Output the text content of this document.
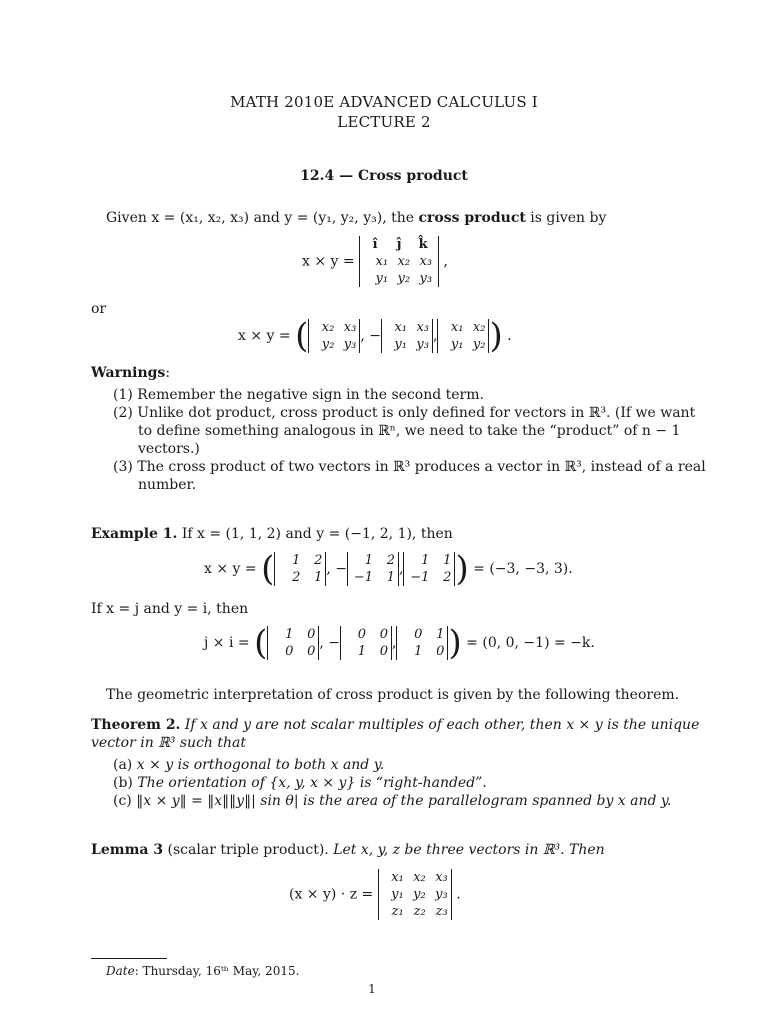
MATH 2010E ADVANCED CALCULUS I
LECTURE 2
12.4 — Cross product
Given x = (x₁, x₂, x₃) and y = (y₁, y₂, y₃), the cross product is given by
x × y =
î ĵ k̂
x₁ x₂ x₃
y₁ y₂ y₃
,
or
x × y = (	x₂ x₃
y₂ y₃
, −
x₁ x₃
y₁ y₃
,
x₁ x₂
y₁ y₂ ) .
Warnings:
(1) Remember the negative sign in the second term.
(2) Unlike dot product, cross product is only defined for vectors in ℝ³. (If we want
to define something analogous in ℝⁿ, we need to take the “product” of n − 1
vectors.)
(3) The cross product of two vectors in ℝ³ produces a vector in ℝ³, instead of a real
number.
Example 1. If x = (1, 1, 2) and y = (−1, 2, 1), then
x × y = (	1 2
2 1
, −
1 2
−1 1
,
1 1
−1 2 ) = (−3, −3, 3).
If x = j and y = i, then
j × i = (	1 0
0 0
, −
0 0
1 0
,
0 1
1 0 ) = (0, 0, −1) = −k.
The geometric interpretation of cross product is given by the following theorem.
Theorem 2. If x and y are not scalar multiples of each other, then x × y is the unique
vector in ℝ³ such that
(a) x × y is orthogonal to both x and y.
(b) The orientation of {x, y, x × y} is “right-handed”.
(c) ‖x × y‖ = ‖x‖‖y‖| sin θ| is the area of the parallelogram spanned by x and y.
Lemma 3 (scalar triple product). Let x, y, z be three vectors in ℝ³. Then
(x × y) · z =
x₁ x₂ x₃
y₁ y₂ y₃
z₁ z₂ z₃
.
Date: Thursday, 16ᵗʰ May, 2015.
1
